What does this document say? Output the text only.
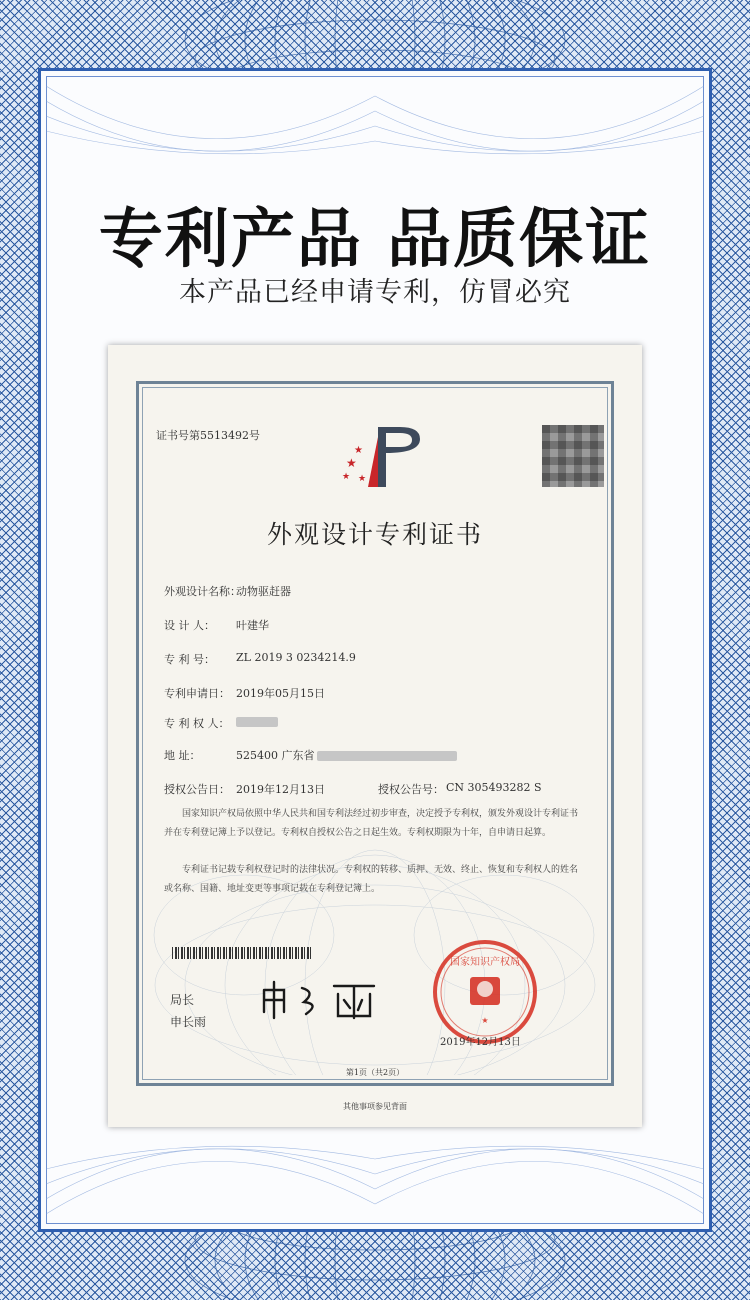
专利产品 品质保证
本产品已经申请专利，仿冒必究
证书号第5513492号
★
★
★ ★
外观设计专利证书
外观设计名称：
动物驱赶器
设 计 人： 叶建华
专 利 号： ZL 2019 3 0234214.9
专利申请日： 2019年05月15日
专 利 权 人：
地 址：	525400 广东省
授权公告日： 2019年12月13日	授权公告号： CN 305493282 S
国家知识产权局依照中华人民共和国专利法经过初步审查，决定授予专利权，颁发外观设计专利证书并在专利登记簿上予以登记。专利权自授权公告之日起生效。专利权期限为十年，自申请日起算。
专利证书记载专利权登记时的法律状况。专利权的转移、质押、无效、终止、恢复和专利权人的姓名或名称、国籍、地址变更等事项记载在专利登记簿上。
局长
申长雨
国家知识产权局
★
2019年12月13日
第1页（共2页）
其他事项参见背面
